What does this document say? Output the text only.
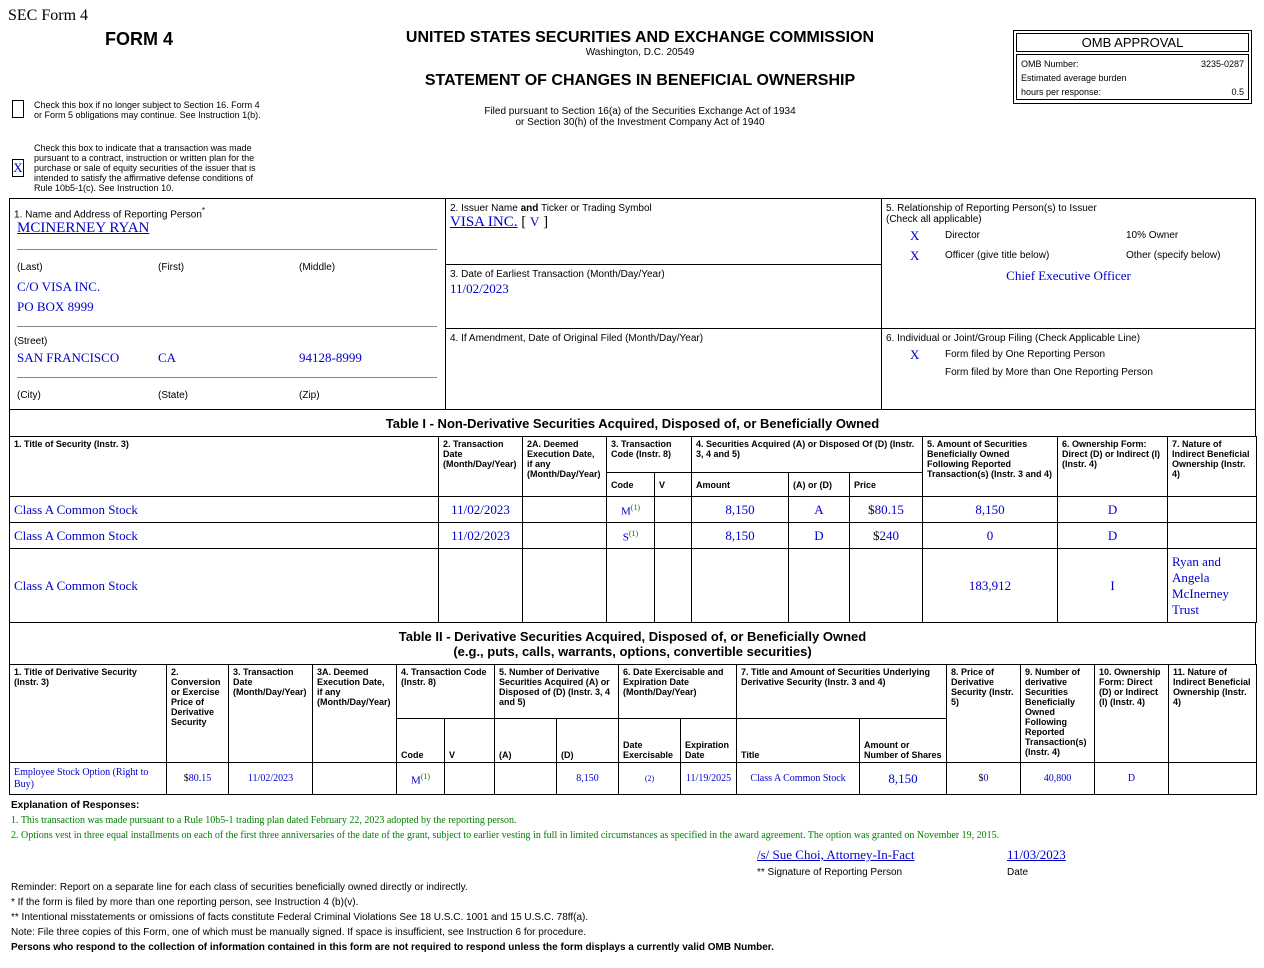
SEC Form 4
FORM 4	UNITED STATES SECURITIES AND EXCHANGE COMMISSION
Washington, D.C. 20549
STATEMENT OF CHANGES IN BENEFICIAL OWNERSHIP
Filed pursuant to Section 16(a) of the Securities Exchange Act of 1934
or Section 30(h) of the Investment Company Act of 1940
OMB APPROVAL
OMB Number:	3235-0287
Estimated average burden
hours per response:	0.5
Check this box if no longer subject to Section 16. Form 4
or Form 5 obligations may continue. See Instruction 1(b).
X
Check this box to indicate that a transaction was made pursuant to a contract, instruction or written plan for the purchase or sale of equity securities of the issuer that is intended to satisfy the affirmative defense conditions of Rule 10b5-1(c). See Instruction 10.
1. Name and Address of Reporting Person*
MCINERNEY RYAN
(Last)	(First)	(Middle)
C/O VISA INC.
PO BOX 8999
(Street)
SAN FRANCISCO	CA	94128-8999
(City)	(State)	(Zip)
2. Issuer Name and Ticker or Trading Symbol
VISA INC. [ V ]
3. Date of Earliest Transaction (Month/Day/Year)
11/02/2023
4. If Amendment, Date of Original Filed (Month/Day/Year)
5. Relationship of Reporting Person(s) to Issuer
(Check all applicable)
X	Director	10% Owner
X	Officer (give title below)	Other (specify below)
Chief Executive Officer
6. Individual or Joint/Group Filing (Check Applicable Line)
X	Form filed by One Reporting Person
Form filed by More than One Reporting Person
Table I - Non-Derivative Securities Acquired, Disposed of, or Beneficially Owned
1. Title of Security (Instr. 3)	2. Transaction Date (Month/Day/Year)	2A. Deemed Execution Date, if any (Month/Day/Year)	3. Transaction Code (Instr. 8)		4. Securities Acquired (A) or Disposed Of (D) (Instr. 3, 4 and 5)			5. Amount of Securities Beneficially Owned Following Reported Transaction(s) (Instr. 3 and 4)	6. Ownership Form: Direct (D) or Indirect (I) (Instr. 4)	7. Nature of Indirect Beneficial Ownership (Instr. 4)
			Code	V	Amount	(A) or (D)	Price			
Class A Common Stock	11/02/2023		$M^{(1)}$		8,150	A	$80.15	8,150	D	
Class A Common Stock	11/02/2023		$S^{(1)}$		8,150	D	$240	0	D	
Class A Common Stock								183,912	I	Ryan and Angela McInerney Trust
Table II - Derivative Securities Acquired, Disposed of, or Beneficially Owned
(e.g., puts, calls, warrants, options, convertible securities)
1. Title of Derivative Security (Instr. 3)	2. Conversion or Exercise Price of Derivative Security	3. Transaction Date (Month/Day/Year)	3A. Deemed Execution Date, if any (Month/Day/Year)	4. Transaction Code (Instr. 8)		5. Number of Derivative Securities Acquired (A) or Disposed of (D) (Instr. 3, 4 and 5)		6. Date Exercisable and Expiration Date (Month/Day/Year)		7. Title and Amount of Securities Underlying Derivative Security (Instr. 3 and 4)		8. Price of Derivative Security (Instr. 5)	9. Number of derivative Securities Beneficially Owned Following Reported Transaction(s) (Instr. 4)	10. Ownership Form: Direct (D) or Indirect (I) (Instr. 4)	11. Nature of Indirect Beneficial Ownership (Instr. 4)
				Code	V	(A)	(D)	Date Exercisable	Expiration Date	Title	Amount or Number of Shares				
Employee Stock Option (Right to Buy)	$80.15	11/02/2023		$M^{(1)}$			8,150	(2)	11/19/2025	Class A Common Stock	8,150	$0	40,800	D	
Explanation of Responses:
1. This transaction was made pursuant to a Rule 10b5-1 trading plan dated February 22, 2023 adopted by the reporting person.
2. Options vest in three equal installments on each of the first three anniversaries of the date of the grant, subject to earlier vesting in full in limited circumstances as specified in the award agreement. The option was granted on November 19, 2015.
/s/ Sue Choi, Attorney-In-Fact	11/03/2023
** Signature of Reporting Person	Date
Reminder: Report on a separate line for each class of securities beneficially owned directly or indirectly.
* If the form is filed by more than one reporting person, see Instruction 4 (b)(v).
** Intentional misstatements or omissions of facts constitute Federal Criminal Violations See 18 U.S.C. 1001 and 15 U.S.C. 78ff(a).
Note: File three copies of this Form, one of which must be manually signed. If space is insufficient, see Instruction 6 for procedure.
Persons who respond to the collection of information contained in this form are not required to respond unless the form displays a currently valid OMB Number.
